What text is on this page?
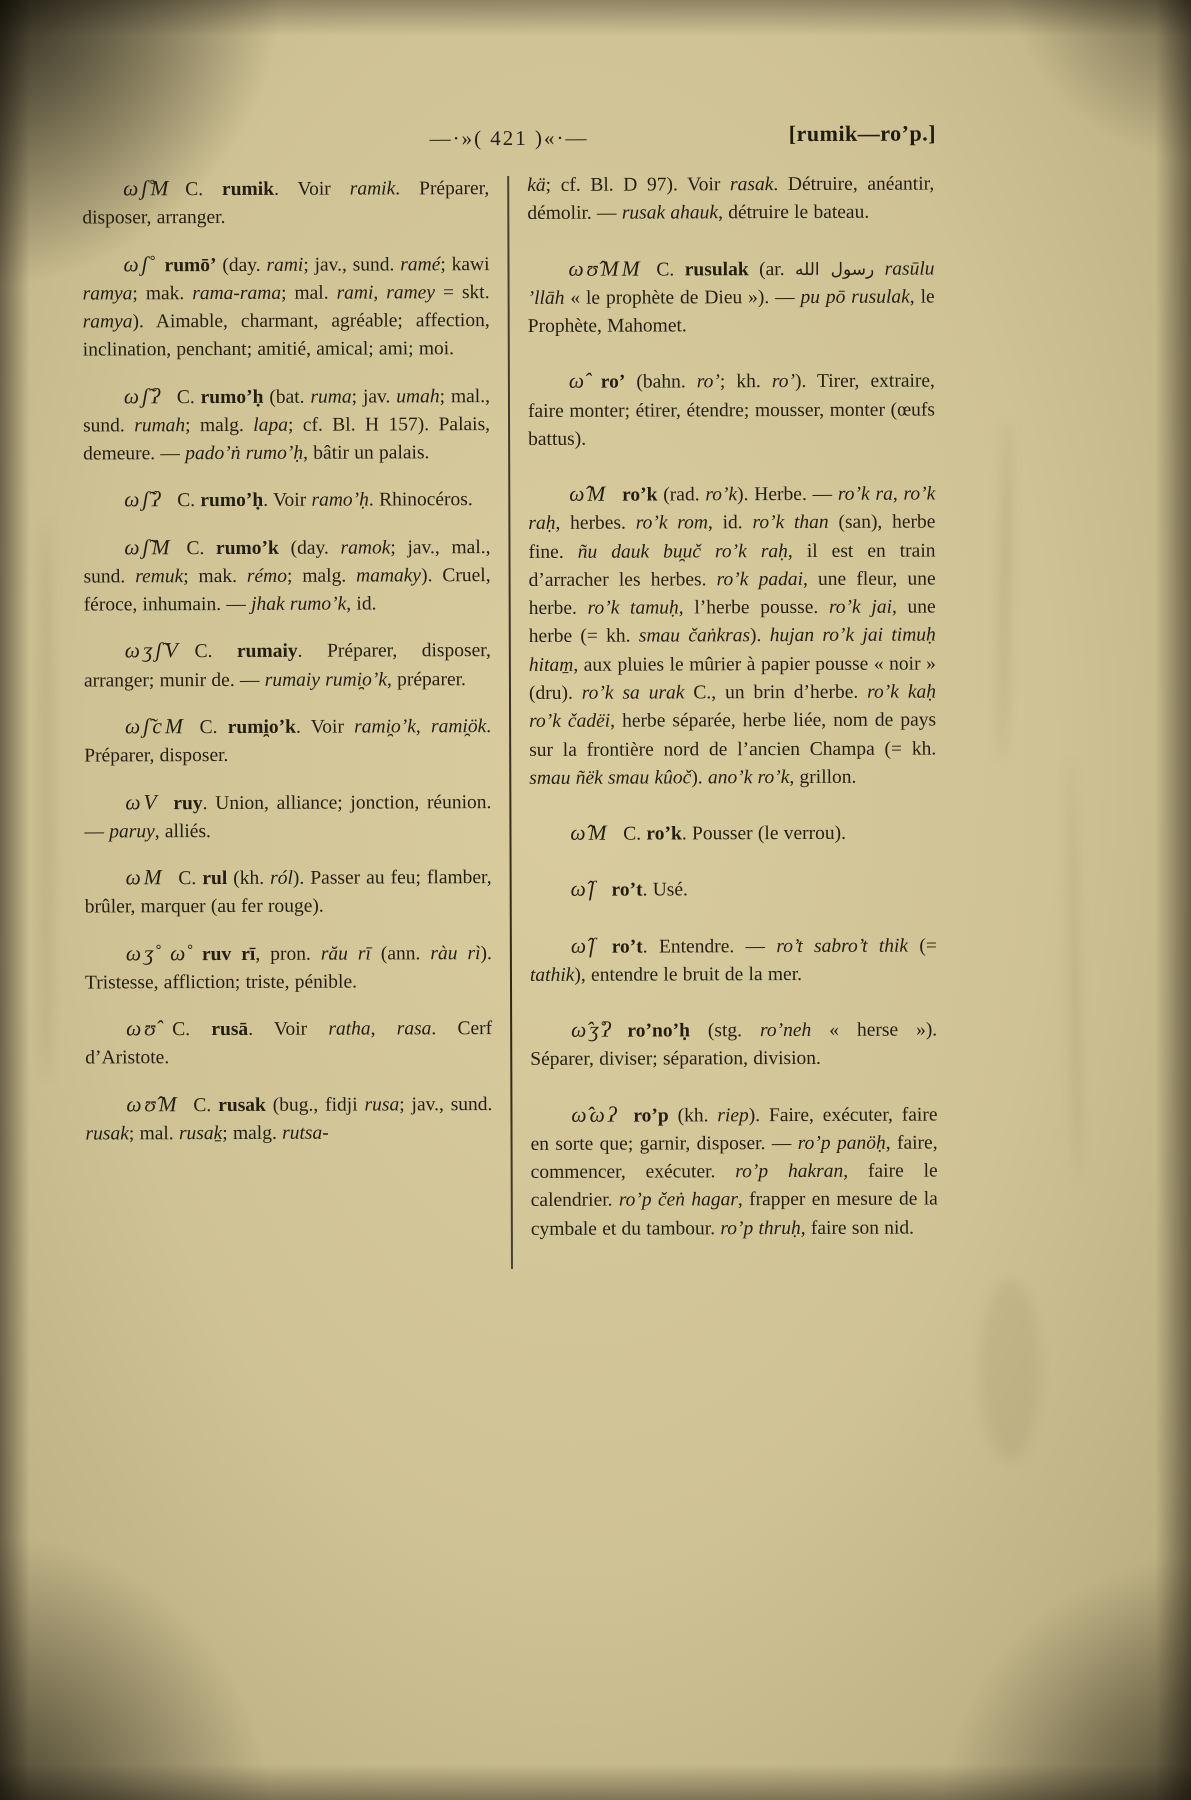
—·»( 421 )«·—	[rumik—ro’p.]

ωʃ̊M C. rumik. Voir ramik. Préparer, disposer, arranger.

ωʃ̊ rumō’ (day. rami; jav., sund. ramé; kawi ramya; mak. rama-rama; mal. rami, ramey = skt. ramya). Aimable, charmant, agréable; affection, inclination, penchant; amitié, amical; ami; moi.

ωʃ̃ʔ C. rumo’ḥ (bat. ruma; jav. umah; mal., sund. rumah; malg. lapa; cf. Bl. H 157). Palais, demeure. — pado’ṅ rumo’ḥ, bâtir un palais.

ωʃ̃ʔ C. rumo’ḥ. Voir ramo’ḥ. Rhinocéros.

ωʃ̃M C. rumo’k (day. ramok; jav., mal., sund. remuk; mak. rémo; malg. mamaky). Cruel, féroce, inhumain. — jhak rumo’k, id.

ωʒʃ̃V C. rumaiy. Préparer, disposer, arranger; munir de. — rumaiy rumi̯o’k, préparer.

ωʃ̃cM C. rumi̯o’k. Voir rami̯o’k, rami̯ök. Préparer, disposer.

ωV ruy. Union, alliance; jonction, réunion. — paruy, alliés.

ωM C. rul (kh. ról). Passer au feu; flamber, brûler, marquer (au fer rouge).

ωʒ̊ ω̊ ruv rī, pron. rău rī (ann. ràu rì). Tristesse, affliction; triste, pénible.

ωʊ̂ C. rusā. Voir ratha, rasa. Cerf d’Aristote.

ωʊ̂M C. rusak (bug., fidji rusa; jav., sund. rusak; mal. rusak̠; malg. rutsa-

kä; cf. Bl. D 97). Voir rasak. Détruire, anéantir, démolir. — rusak ahauk, détruire le bateau.

ωʊ̂MM C. rusulak (ar. رسول الله rasūlu ’llāh « le prophète de Dieu »). — pu pō rusulak, le Prophète, Mahomet.

ω̂ ro’ (bahn. ro’; kh. ro’). Tirer, extraire, faire monter; étirer, étendre; mousser, monter (œufs battus).

ω̂M ro’k (rad. ro’k). Herbe. — ro’k ra, ro’k raḥ, herbes. ro’k rom, id. ro’k than (san), herbe fine. ñu dauk bu̯uč ro’k raḥ, il est en train d’arracher les herbes. ro’k padai, une fleur, une herbe. ro’k tamuḥ, l’herbe pousse. ro’k jai, une herbe (= kh. smau čaṅkras). hujan ro’k jai timuḥ hitam̱, aux pluies le mûrier à papier pousse « noir » (dru). ro’k sa urak C., un brin d’herbe. ro’k kaḥ ro’k čadëi, herbe séparée, herbe liée, nom de pays sur la frontière nord de l’ancien Champa (= kh. smau ñëk smau kûoč). ano’k ro’k, grillon.

ω̂M C. ro’k. Pousser (le verrou).

ω̂ſ ro’t. Usé.

ω̂ſ ro’t. Entendre. — ro’t sabro’t thik (= tathik), entendre le bruit de la mer.

ω̂ʒ̊ʔ ro’no’ḥ (stg. ro’neh « herse »). Séparer, diviser; séparation, division.

ω̂ωʔ ro’p (kh. riep). Faire, exécuter, faire en sorte que; garnir, disposer. — ro’p panöḥ, faire, commencer, exécuter. ro’p hakran, faire le calendrier. ro’p čeṅ hagar, frapper en mesure de la cymbale et du tambour. ro’p thruḥ, faire son nid.
